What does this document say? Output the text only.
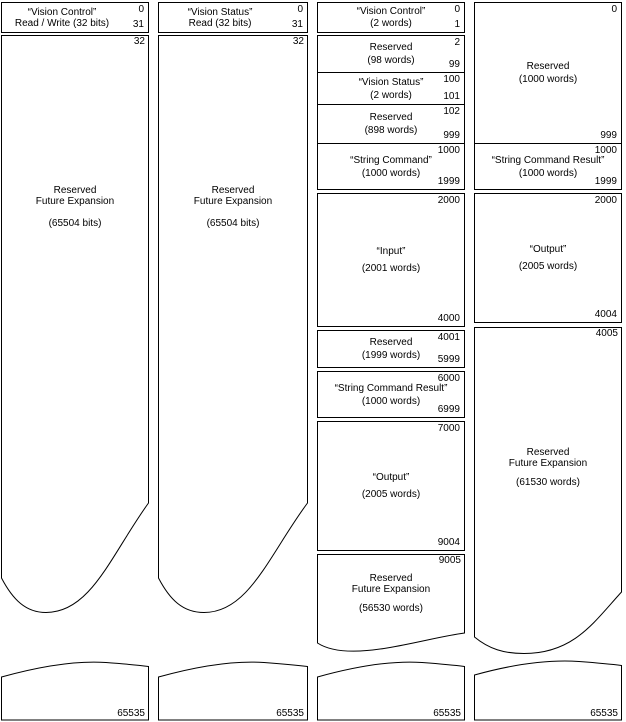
“Vision Control”
Read / Write (32 bits)
0
31
32
Reserved
Future Expansion
(65504 bits)
65535
“Vision Status”
Read (32 bits)
0
31
32
Reserved
Future Expansion
(65504 bits)
65535
“Vision Control”
(2 words)
0
1
Reserved
(98 words)
2
99
“Vision Status”
(2 words)
100
101
Reserved
(898 words)
102
999
“String Command”
(1000 words)
1000
1999
“Input”
(2001 words)
2000
4000
Reserved
(1999 words)
4001
5999
“String Command Result”
(1000 words)
6000
6999
“Output”
(2005 words)
7000
9004
9005
Reserved
Future Expansion
(56530 words)
65535
Reserved
(1000 words)
0
999
“String Command Result”
(1000 words)
1000
1999
“Output”
(2005 words)
2000
4004
4005
Reserved
Future Expansion
(61530 words)
65535
